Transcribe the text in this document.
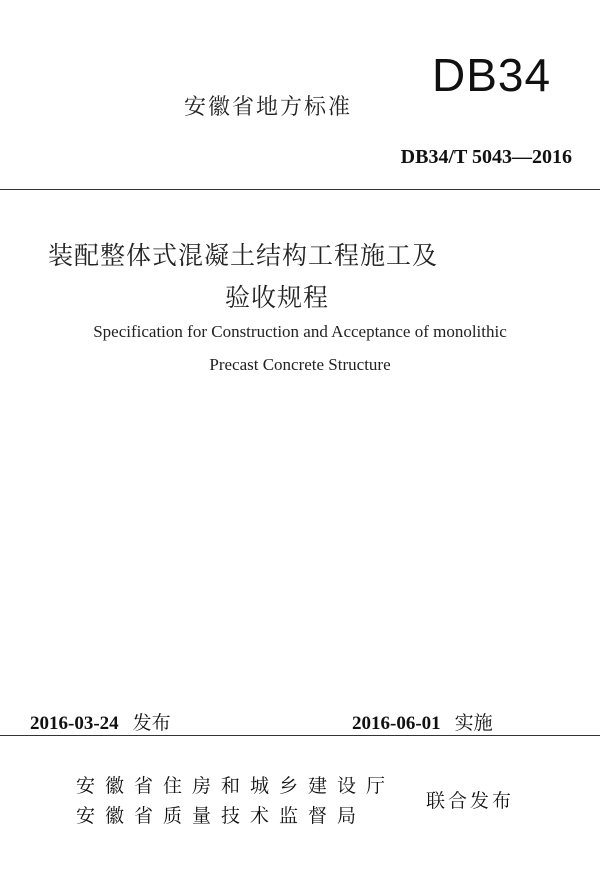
DB34
安徽省地方标准
DB34/T 5043—2016
装配整体式混凝土结构工程施工及
验收规程
Specification for Construction and Acceptance of monolithic
Precast Concrete Structure
2016-03-24 发布	2016-06-01 实施
安徽省住房和城乡建设厅
安徽省质量技术监督局
联合发布
